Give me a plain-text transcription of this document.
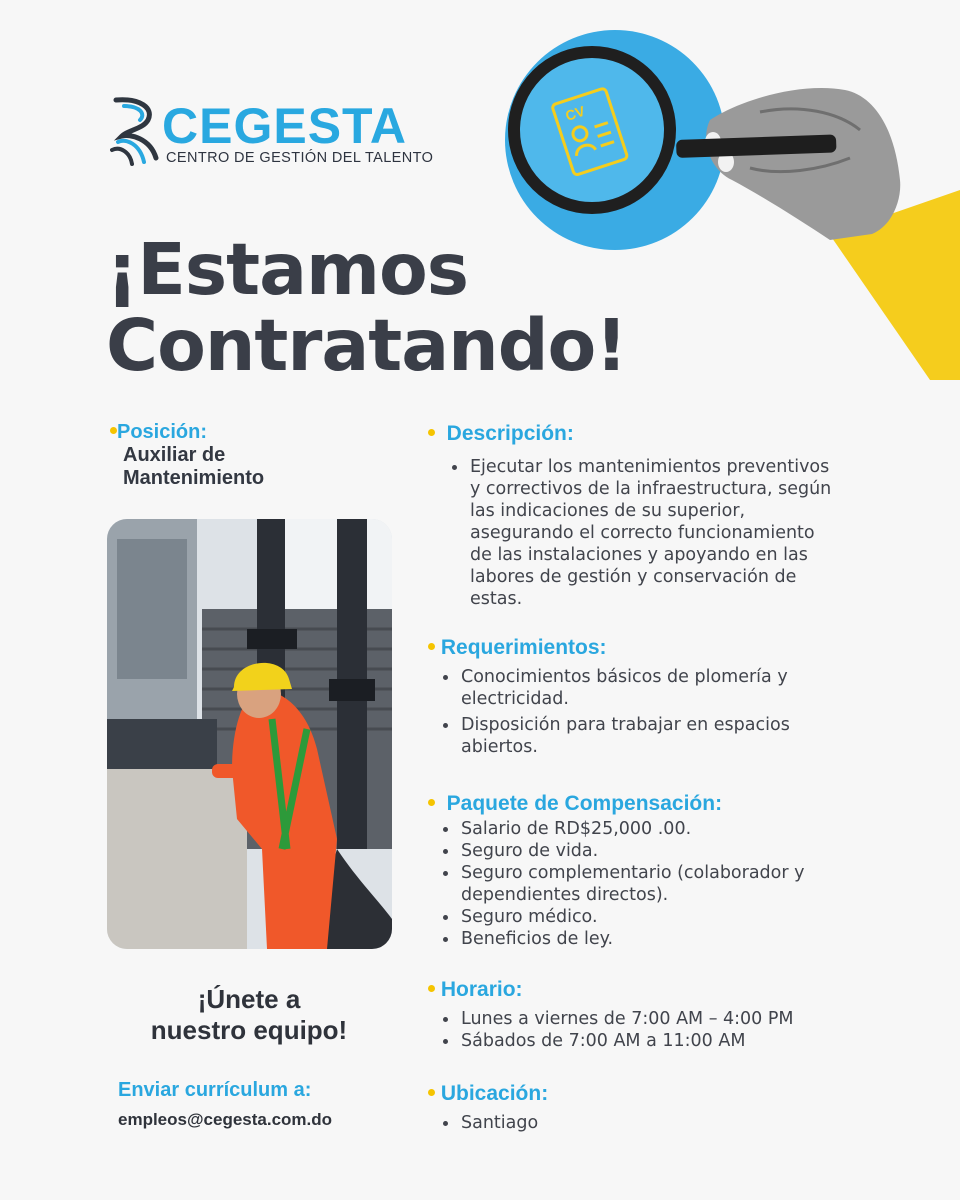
CEGESTA
CENTRO DE GESTIÓN DEL TALENTO
CV
¡Estamos
Contratando!
Posición:
Auxiliar de
Mantenimiento
¡Únete a
nuestro equipo!
Enviar currículum a:
empleos@cegesta.com.do
Descripción:
Ejecutar los mantenimientos preventivos
y correctivos de la infraestructura, según
las indicaciones de su superior,
asegurando el correcto funcionamiento
de las instalaciones y apoyando en las
labores de gestión y conservación de
estas.
Requerimientos:
Conocimientos básicos de plomería y
electricidad.
Disposición para trabajar en espacios
abiertos.
Paquete de Compensación:
Salario de RD$25,000 .00.
Seguro de vida.
Seguro complementario (colaborador y
dependientes directos).
Seguro médico.
Beneficios de ley.
Horario:
Lunes a viernes de 7:00 AM – 4:00 PM
Sábados de 7:00 AM a 11:00 AM
Ubicación:
Santiago
